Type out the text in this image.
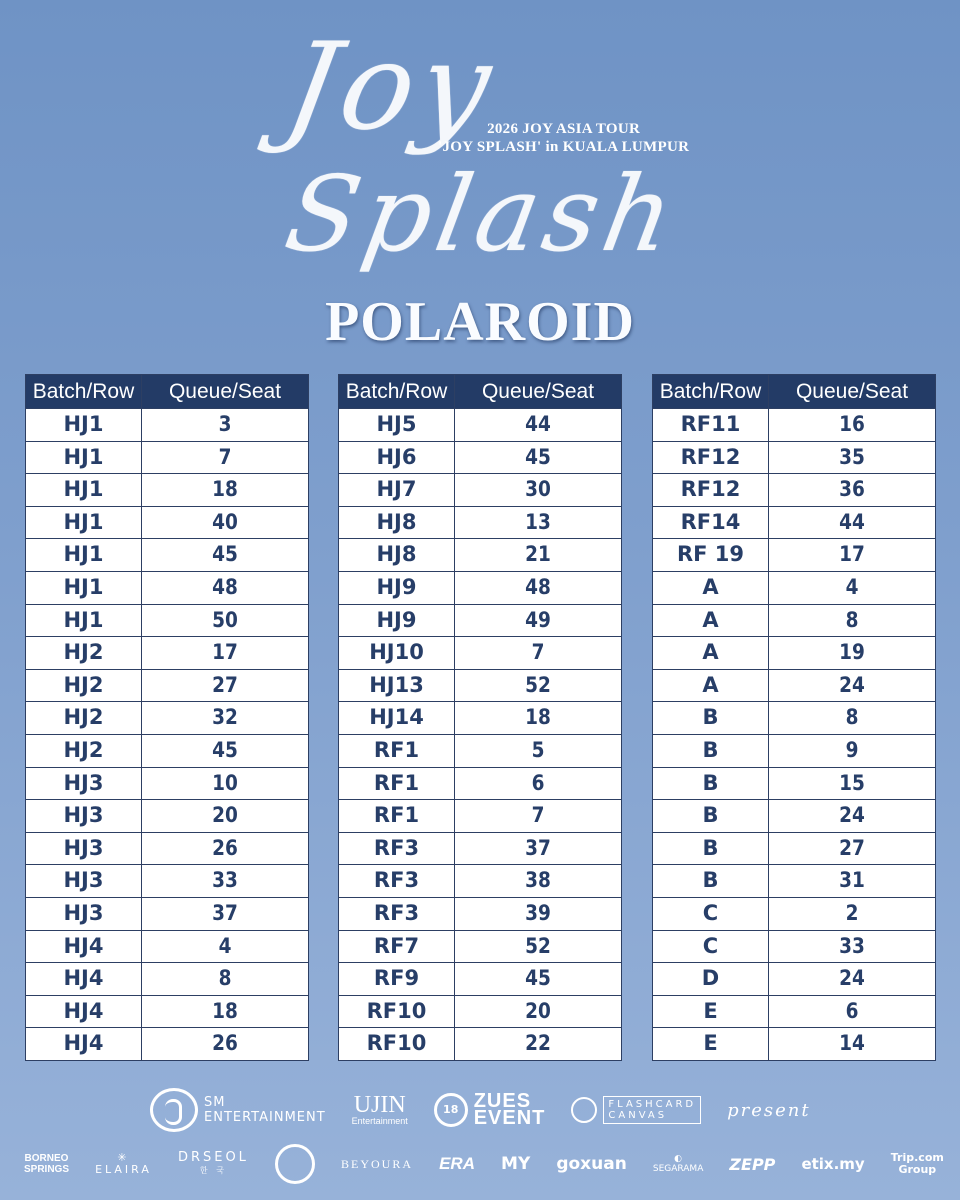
Joy
Splash
2026 JOY ASIA TOUR
'JOY SPLASH' in KUALA LUMPUR
POLAROID
Batch/Row	Queue/Seat
HJ1	3
HJ1	7
HJ1	18
HJ1	40
HJ1	45
HJ1	48
HJ1	50
HJ2	17
HJ2	27
HJ2	32
HJ2	45
HJ3	10
HJ3	20
HJ3	26
HJ3	33
HJ3	37
HJ4	4
HJ4	8
HJ4	18
HJ4	26
Batch/Row	Queue/Seat
HJ5	44
HJ6	45
HJ7	30
HJ8	13
HJ8	21
HJ9	48
HJ9	49
HJ10	7
HJ13	52
HJ14	18
RF1	5
RF1	6
RF1	7
RF3	37
RF3	38
RF3	39
RF7	52
RF9	45
RF10	20
RF10	22
Batch/Row	Queue/Seat
RF11	16
RF12	35
RF12	36
RF14	44
RF 19	17
A	4
A	8
A	19
A	24
B	8
B	9
B	15
B	24
B	27
B	31
C	2
C	33
D	24
E	6
E	14
SM
ENTERTAINMENT UJIN
Entertainment
18 ZUES
EVENT
FLASHCARD
CANVAS	present
BORNEO
SPRINGS
✳
ELAIRA
DRSEOL
한 국	BEYOURA ERA MY goxuan	◐
SEGARAMA ZEPP etix.my Trip.com
Group
